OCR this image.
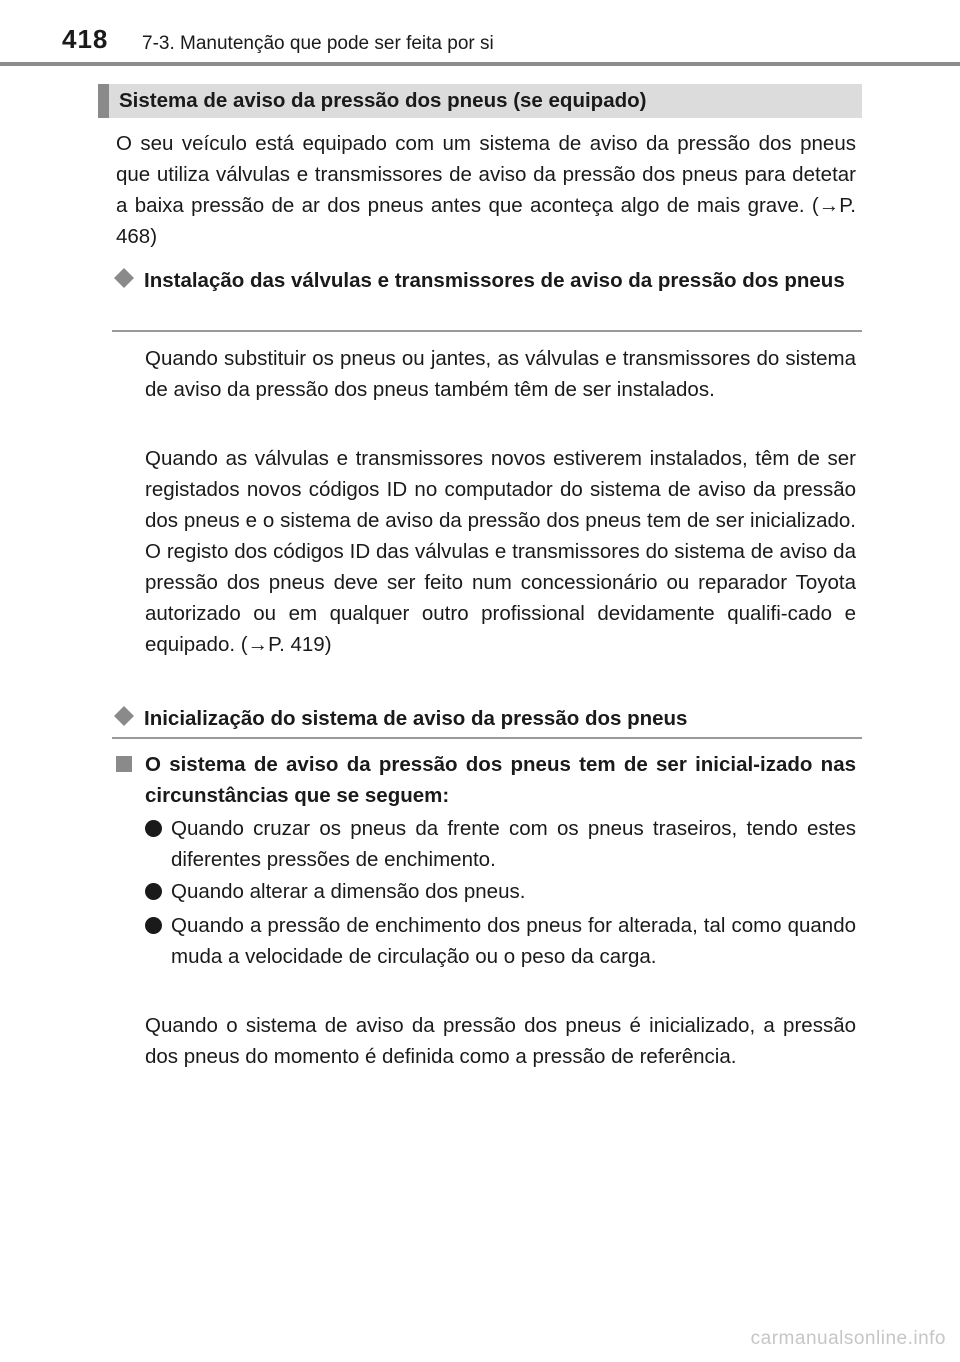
418 7-3. Manutenção que pode ser feita por si
Sistema de aviso da pressão dos pneus (se equipado)

O seu veículo está equipado com um sistema de aviso da pressão dos pneus que utiliza válvulas e transmissores de aviso da pressão dos pneus para detetar a baixa pressão de ar dos pneus antes que aconteça algo de mais grave. (→P. 468)

Instalação das válvulas e transmissores de aviso da pressão dos pneus

Quando substituir os pneus ou jantes, as válvulas e transmissores do sistema de aviso da pressão dos pneus também têm de ser instalados.

Quando as válvulas e transmissores novos estiverem instalados, têm de ser registados novos códigos ID no computador do sistema de aviso da pressão dos pneus e o sistema de aviso da pressão dos pneus tem de ser inicializado. O registo dos códigos ID das válvulas e transmissores do sistema de aviso da pressão dos pneus deve ser feito num concessionário ou reparador Toyota autorizado ou em qualquer outro profissional devidamente qualifi-cado e equipado. (→P. 419)

Inicialização do sistema de aviso da pressão dos pneus

O sistema de aviso da pressão dos pneus tem de ser inicial-izado nas circunstâncias que se seguem:

Quando cruzar os pneus da frente com os pneus traseiros, tendo estes diferentes pressões de enchimento.

Quando alterar a dimensão dos pneus.

Quando a pressão de enchimento dos pneus for alterada, tal como quando muda a velocidade de circulação ou o peso da carga.

Quando o sistema de aviso da pressão dos pneus é inicializado, a pressão dos pneus do momento é definida como a pressão de referência.

carmanualsonline.info
